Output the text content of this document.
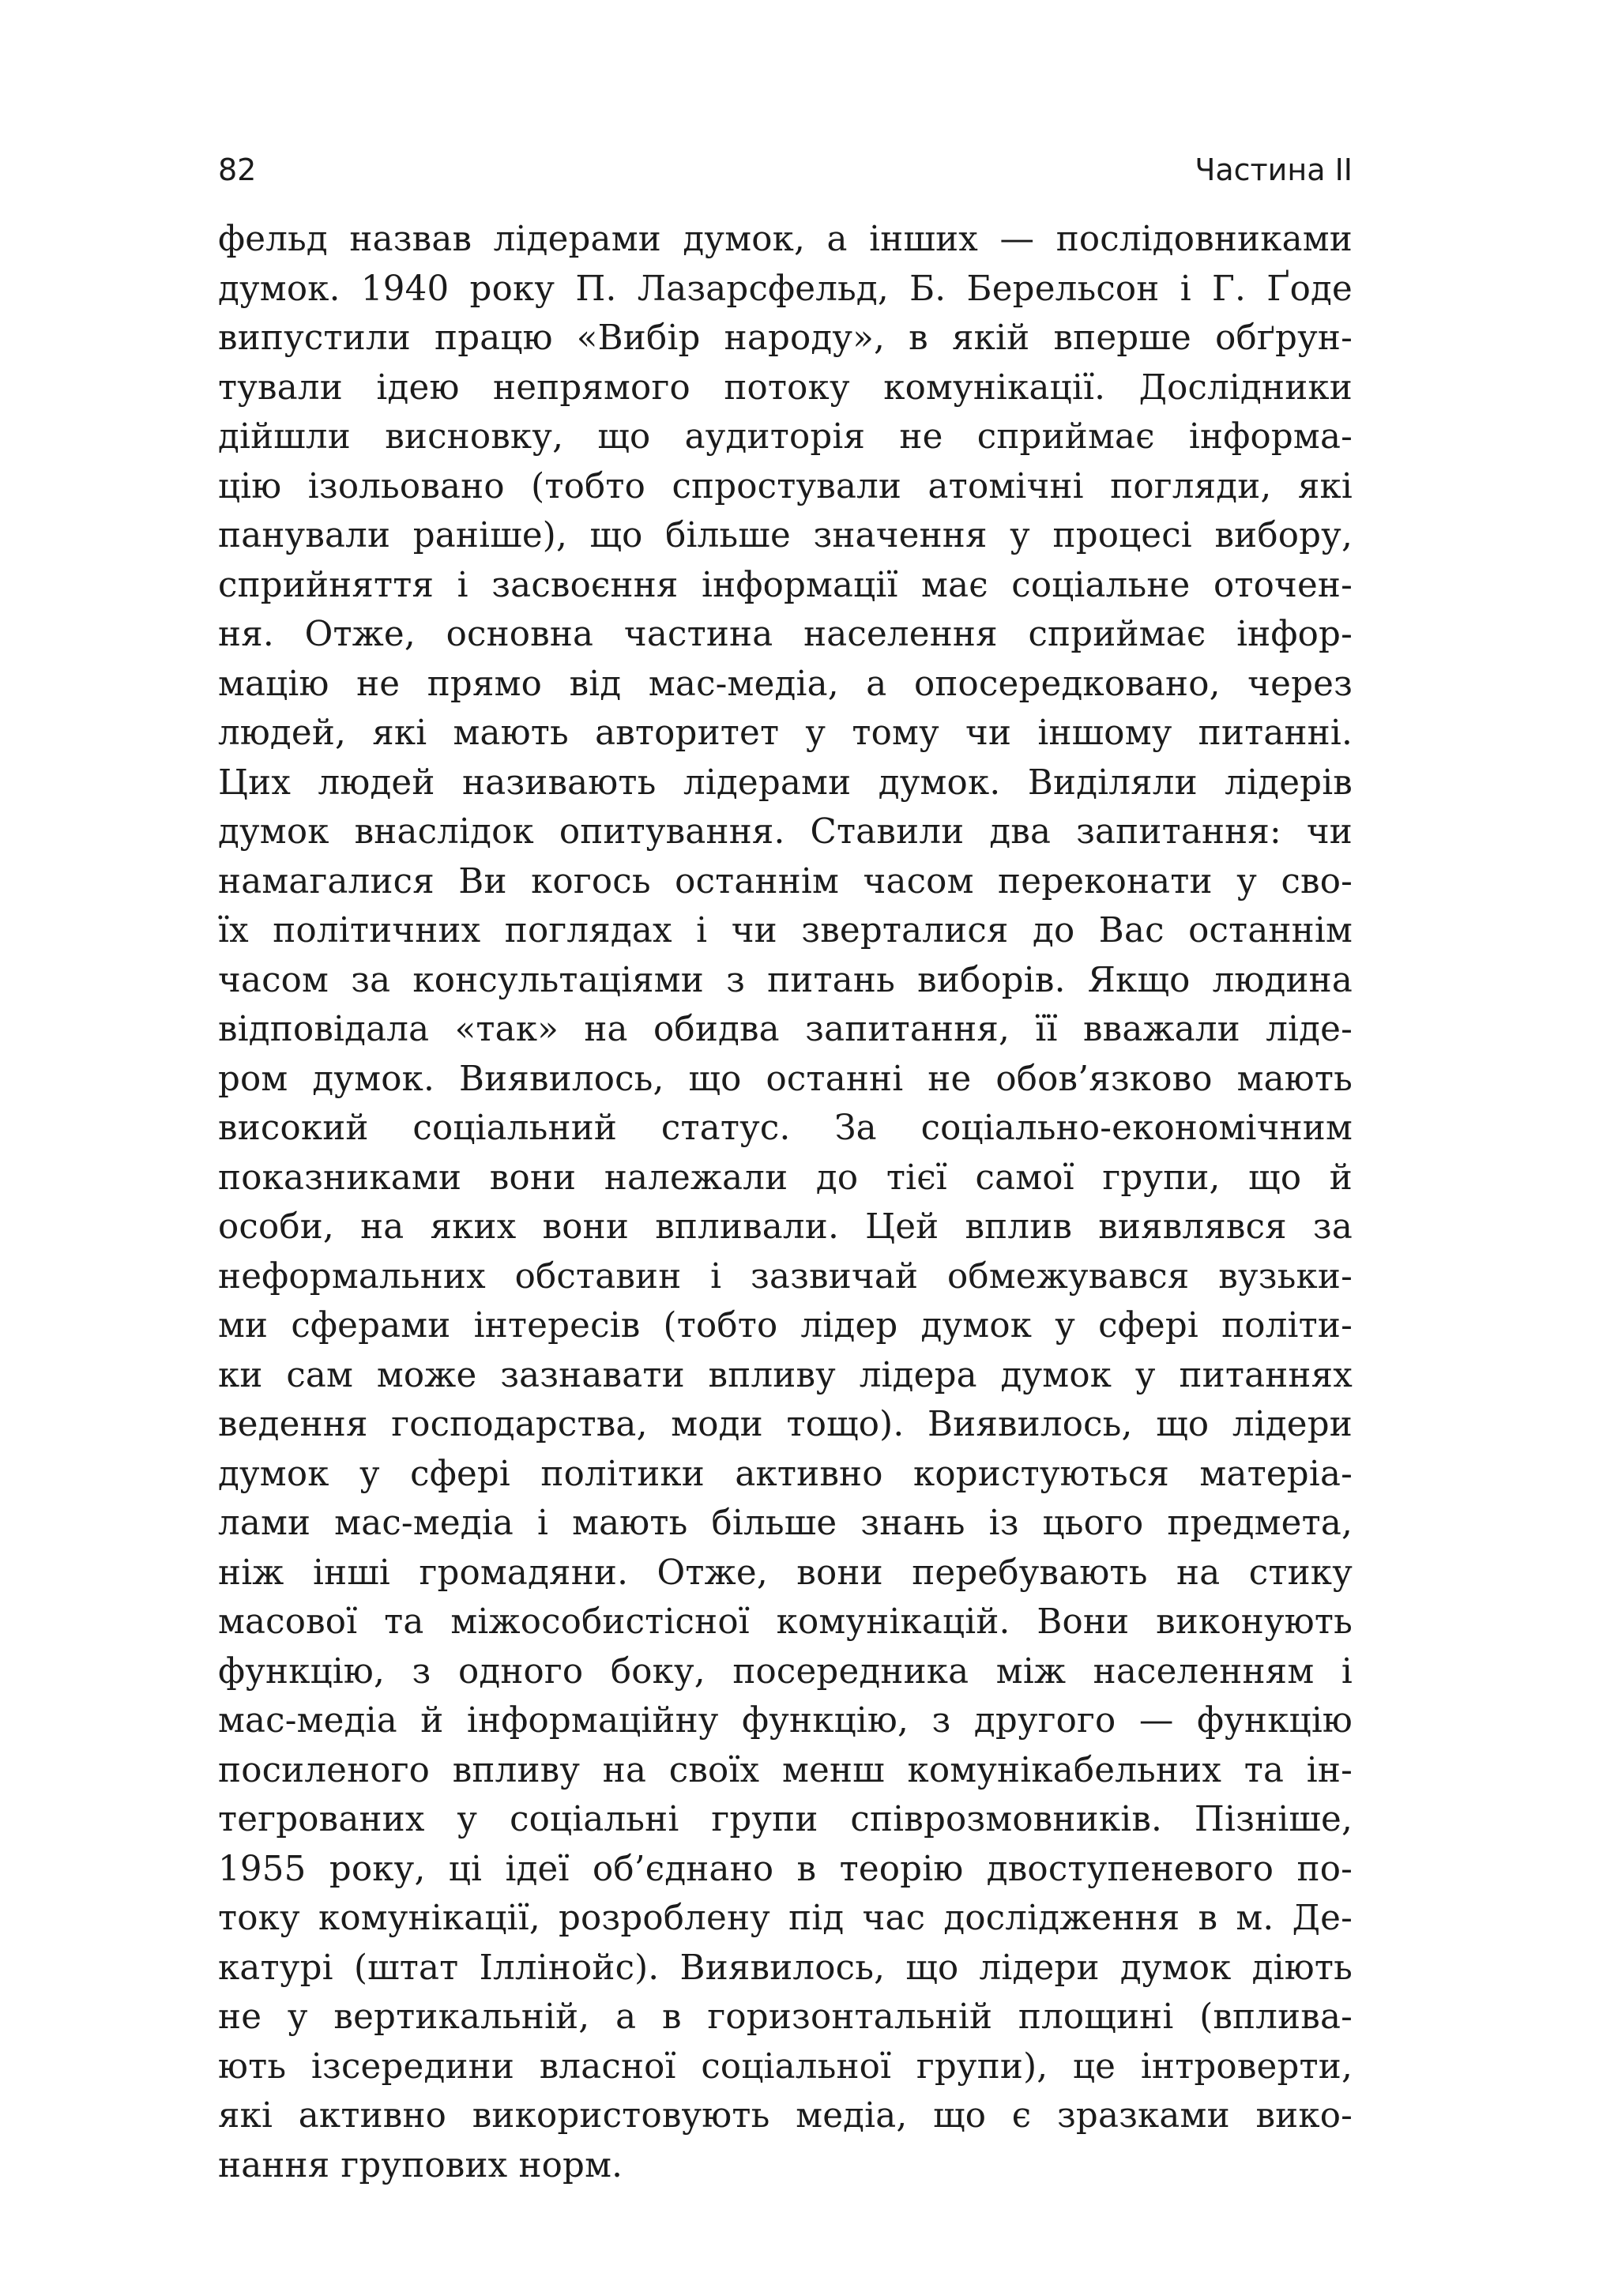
82	Частина ІІ
фельд назвав лідерами думок, а інших — послідовниками
думок. 1940 року П. Лазарсфельд, Б. Берельсон і Г. Ґоде
випустили працю «Вибір народу», в якій вперше обґрун-
тували ідею непрямого потоку комунікації. Дослідники
дійшли висновку, що аудиторія не сприймає інформа-
цію ізольовано (тобто спростували атомічні погляди, які
панували раніше), що більше значення у процесі вибору,
сприйняття і засвоєння інформації має соціальне оточен-
ня. Отже, основна частина населення сприймає інфор-
мацію не прямо від мас-медіа, а опосередковано, через
людей, які мають авторитет у тому чи іншому питанні.
Цих людей називають лідерами думок. Виділяли лідерів
думок внаслідок опитування. Ставили два запитання: чи
намагалися Ви когось останнім часом переконати у сво-
їх політичних поглядах і чи зверталися до Вас останнім
часом за консультаціями з питань виборів. Якщо людина
відповідала «так» на обидва запитання, її вважали ліде-
ром думок. Виявилось, що останні не обов’язково мають
високий соціальний статус. За соціально-економічним
показниками вони належали до тієї самої групи, що й
особи, на яких вони впливали. Цей вплив виявлявся за
неформальних обставин і зазвичай обмежувався вузьки-
ми сферами інтересів (тобто лідер думок у сфері політи-
ки сам може зазнавати впливу лідера думок у питаннях
ведення господарства, моди тощо). Виявилось, що лідери
думок у сфері політики активно користуються матеріа-
лами мас-медіа і мають більше знань із цього предмета,
ніж інші громадяни. Отже, вони перебувають на стику
масової та міжособистісної комунікацій. Вони виконують
функцію, з одного боку, посередника між населенням і
мас-медіа й інформаційну функцію, з другого — функцію
посиленого впливу на своїх менш комунікабельних та ін-
тегрованих у соціальні групи співрозмовників. Пізніше,
1955 року, ці ідеї об’єднано в теорію двоступеневого по-
току комунікації, розроблену під час дослідження в м. Де-
катурі (штат Іллінойс). Виявилось, що лідери думок діють
не у вертикальній, а в горизонтальній площині (вплива-
ють ізсередини власної соціальної групи), це інтроверти,
які активно використовують медіа, що є зразками вико-
нання групових норм.
